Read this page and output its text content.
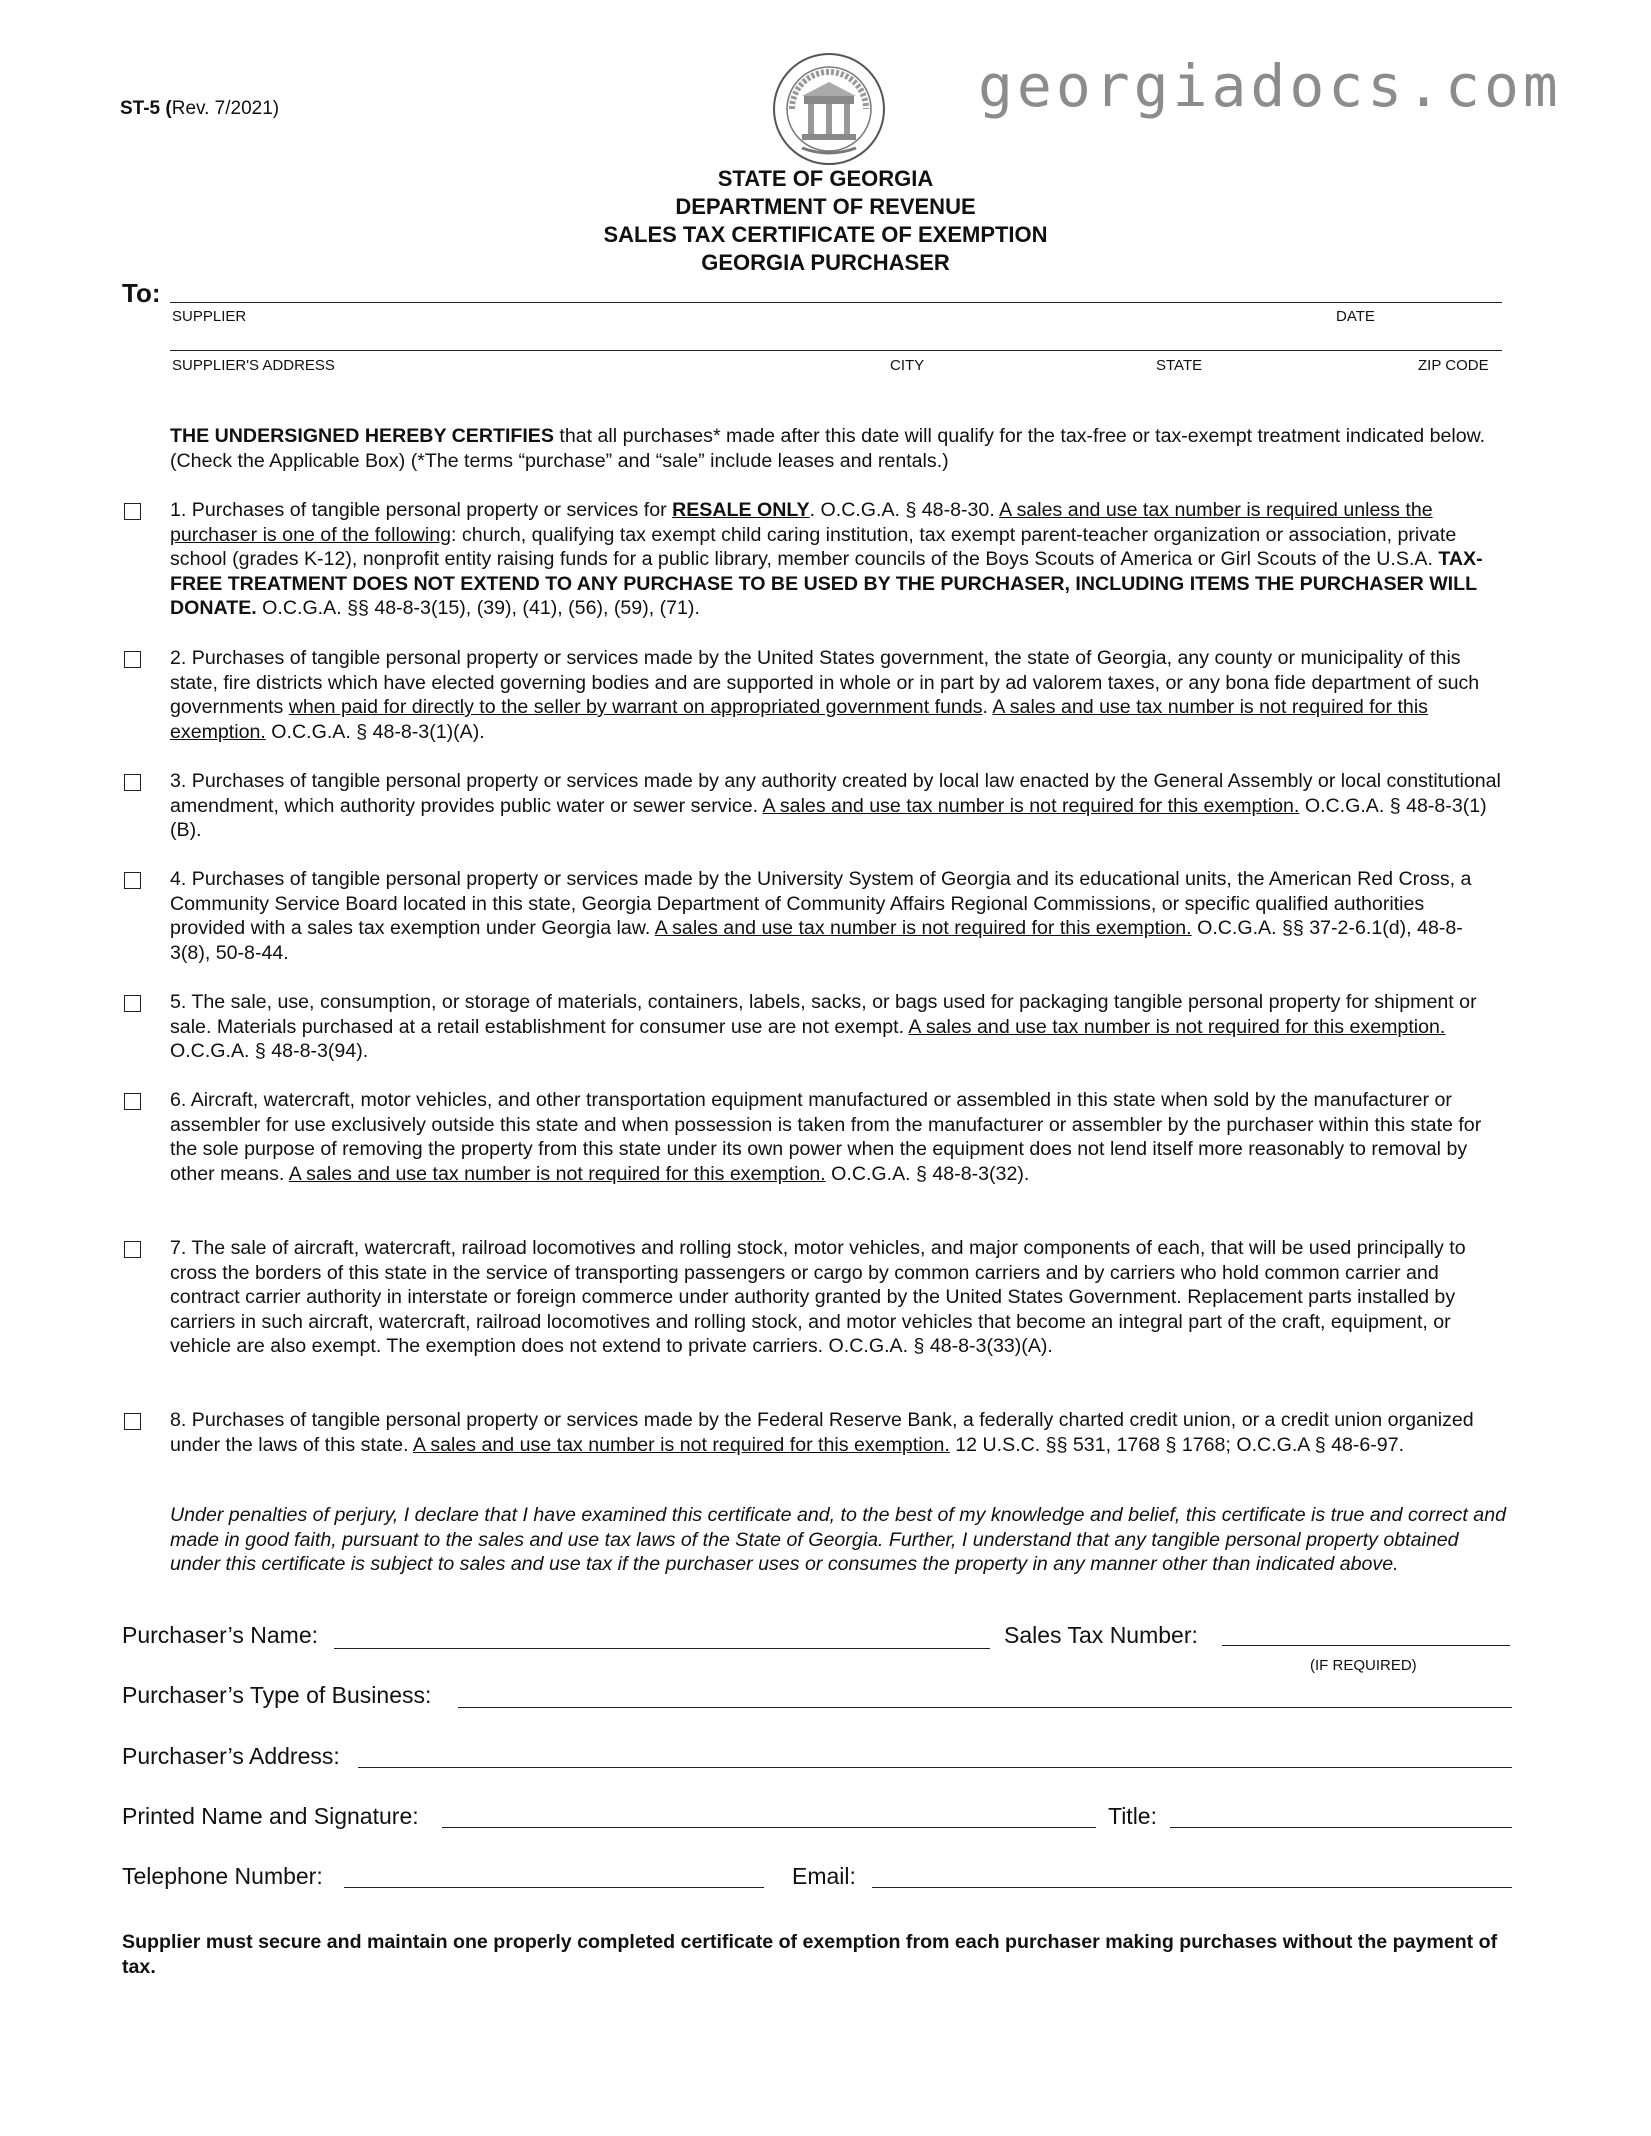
ST-5 (Rev. 7/2021)	georgiadocs.com
STATE OF GEORGIA
DEPARTMENT OF REVENUE
SALES TAX CERTIFICATE OF EXEMPTION
GEORGIA PURCHASER
To:
SUPPLIER	DATE
SUPPLIER'S ADDRESS	CITY	STATE	ZIP CODE
THE UNDERSIGNED HEREBY CERTIFIES that all purchases* made after this date will qualify for the tax-free or tax-exempt treatment indicated below. (Check the Applicable Box) (*The terms “purchase” and “sale” include leases and rentals.)
1. Purchases of tangible personal property or services for RESALE ONLY. O.C.G.A. § 48-8-30. A sales and use tax number is required unless the purchaser is one of the following: church, qualifying tax exempt child caring institution, tax exempt parent-teacher organization or association, private school (grades K-12), nonprofit entity raising funds for a public library, member councils of the Boys Scouts of America or Girl Scouts of the U.S.A. TAX-FREE TREATMENT DOES NOT EXTEND TO ANY PURCHASE TO BE USED BY THE PURCHASER, INCLUDING ITEMS THE PURCHASER WILL DONATE. O.C.G.A. §§ 48-8-3(15), (39), (41), (56), (59), (71).
2. Purchases of tangible personal property or services made by the United States government, the state of Georgia, any county or municipality of this state, fire districts which have elected governing bodies and are supported in whole or in part by ad valorem taxes, or any bona fide department of such governments when paid for directly to the seller by warrant on appropriated government funds. A sales and use tax number is not required for this exemption. O.C.G.A. § 48-8-3(1)(A).
3. Purchases of tangible personal property or services made by any authority created by local law enacted by the General Assembly or local constitutional amendment, which authority provides public water or sewer service. A sales and use tax number is not required for this exemption. O.C.G.A. § 48-8-3(1)(B).
4. Purchases of tangible personal property or services made by the University System of Georgia and its educational units, the American Red Cross, a Community Service Board located in this state, Georgia Department of Community Affairs Regional Commissions, or specific qualified authorities provided with a sales tax exemption under Georgia law. A sales and use tax number is not required for this exemption. O.C.G.A. §§ 37-2-6.1(d), 48-8-3(8), 50-8-44.
5. The sale, use, consumption, or storage of materials, containers, labels, sacks, or bags used for packaging tangible personal property for shipment or sale. Materials purchased at a retail establishment for consumer use are not exempt. A sales and use tax number is not required for this exemption. O.C.G.A. § 48-8-3(94).
6. Aircraft, watercraft, motor vehicles, and other transportation equipment manufactured or assembled in this state when sold by the manufacturer or assembler for use exclusively outside this state and when possession is taken from the manufacturer or assembler by the purchaser within this state for the sole purpose of removing the property from this state under its own power when the equipment does not lend itself more reasonably to removal by other means. A sales and use tax number is not required for this exemption. O.C.G.A. § 48-8-3(32).
7. The sale of aircraft, watercraft, railroad locomotives and rolling stock, motor vehicles, and major components of each, that will be used principally to cross the borders of this state in the service of transporting passengers or cargo by common carriers and by carriers who hold common carrier and contract carrier authority in interstate or foreign commerce under authority granted by the United States Government. Replacement parts installed by carriers in such aircraft, watercraft, railroad locomotives and rolling stock, and motor vehicles that become an integral part of the craft, equipment, or vehicle are also exempt. The exemption does not extend to private carriers. O.C.G.A. § 48-8-3(33)(A).
8. Purchases of tangible personal property or services made by the Federal Reserve Bank, a federally charted credit union, or a credit union organized under the laws of this state. A sales and use tax number is not required for this exemption. 12 U.S.C. §§ 531, 1768 § 1768; O.C.G.A § 48-6-97.
Under penalties of perjury, I declare that I have examined this certificate and, to the best of my knowledge and belief, this certificate is true and correct and made in good faith, pursuant to the sales and use tax laws of the State of Georgia. Further, I understand that any tangible personal property obtained under this certificate is subject to sales and use tax if the purchaser uses or consumes the property in any manner other than indicated above.
Purchaser’s Name:	Sales Tax Number:
(IF REQUIRED)
Purchaser’s Type of Business:
Purchaser’s Address:
Printed Name and Signature:	Title:
Telephone Number:	Email:
Supplier must secure and maintain one properly completed certificate of exemption from each purchaser making purchases without the payment of tax.
